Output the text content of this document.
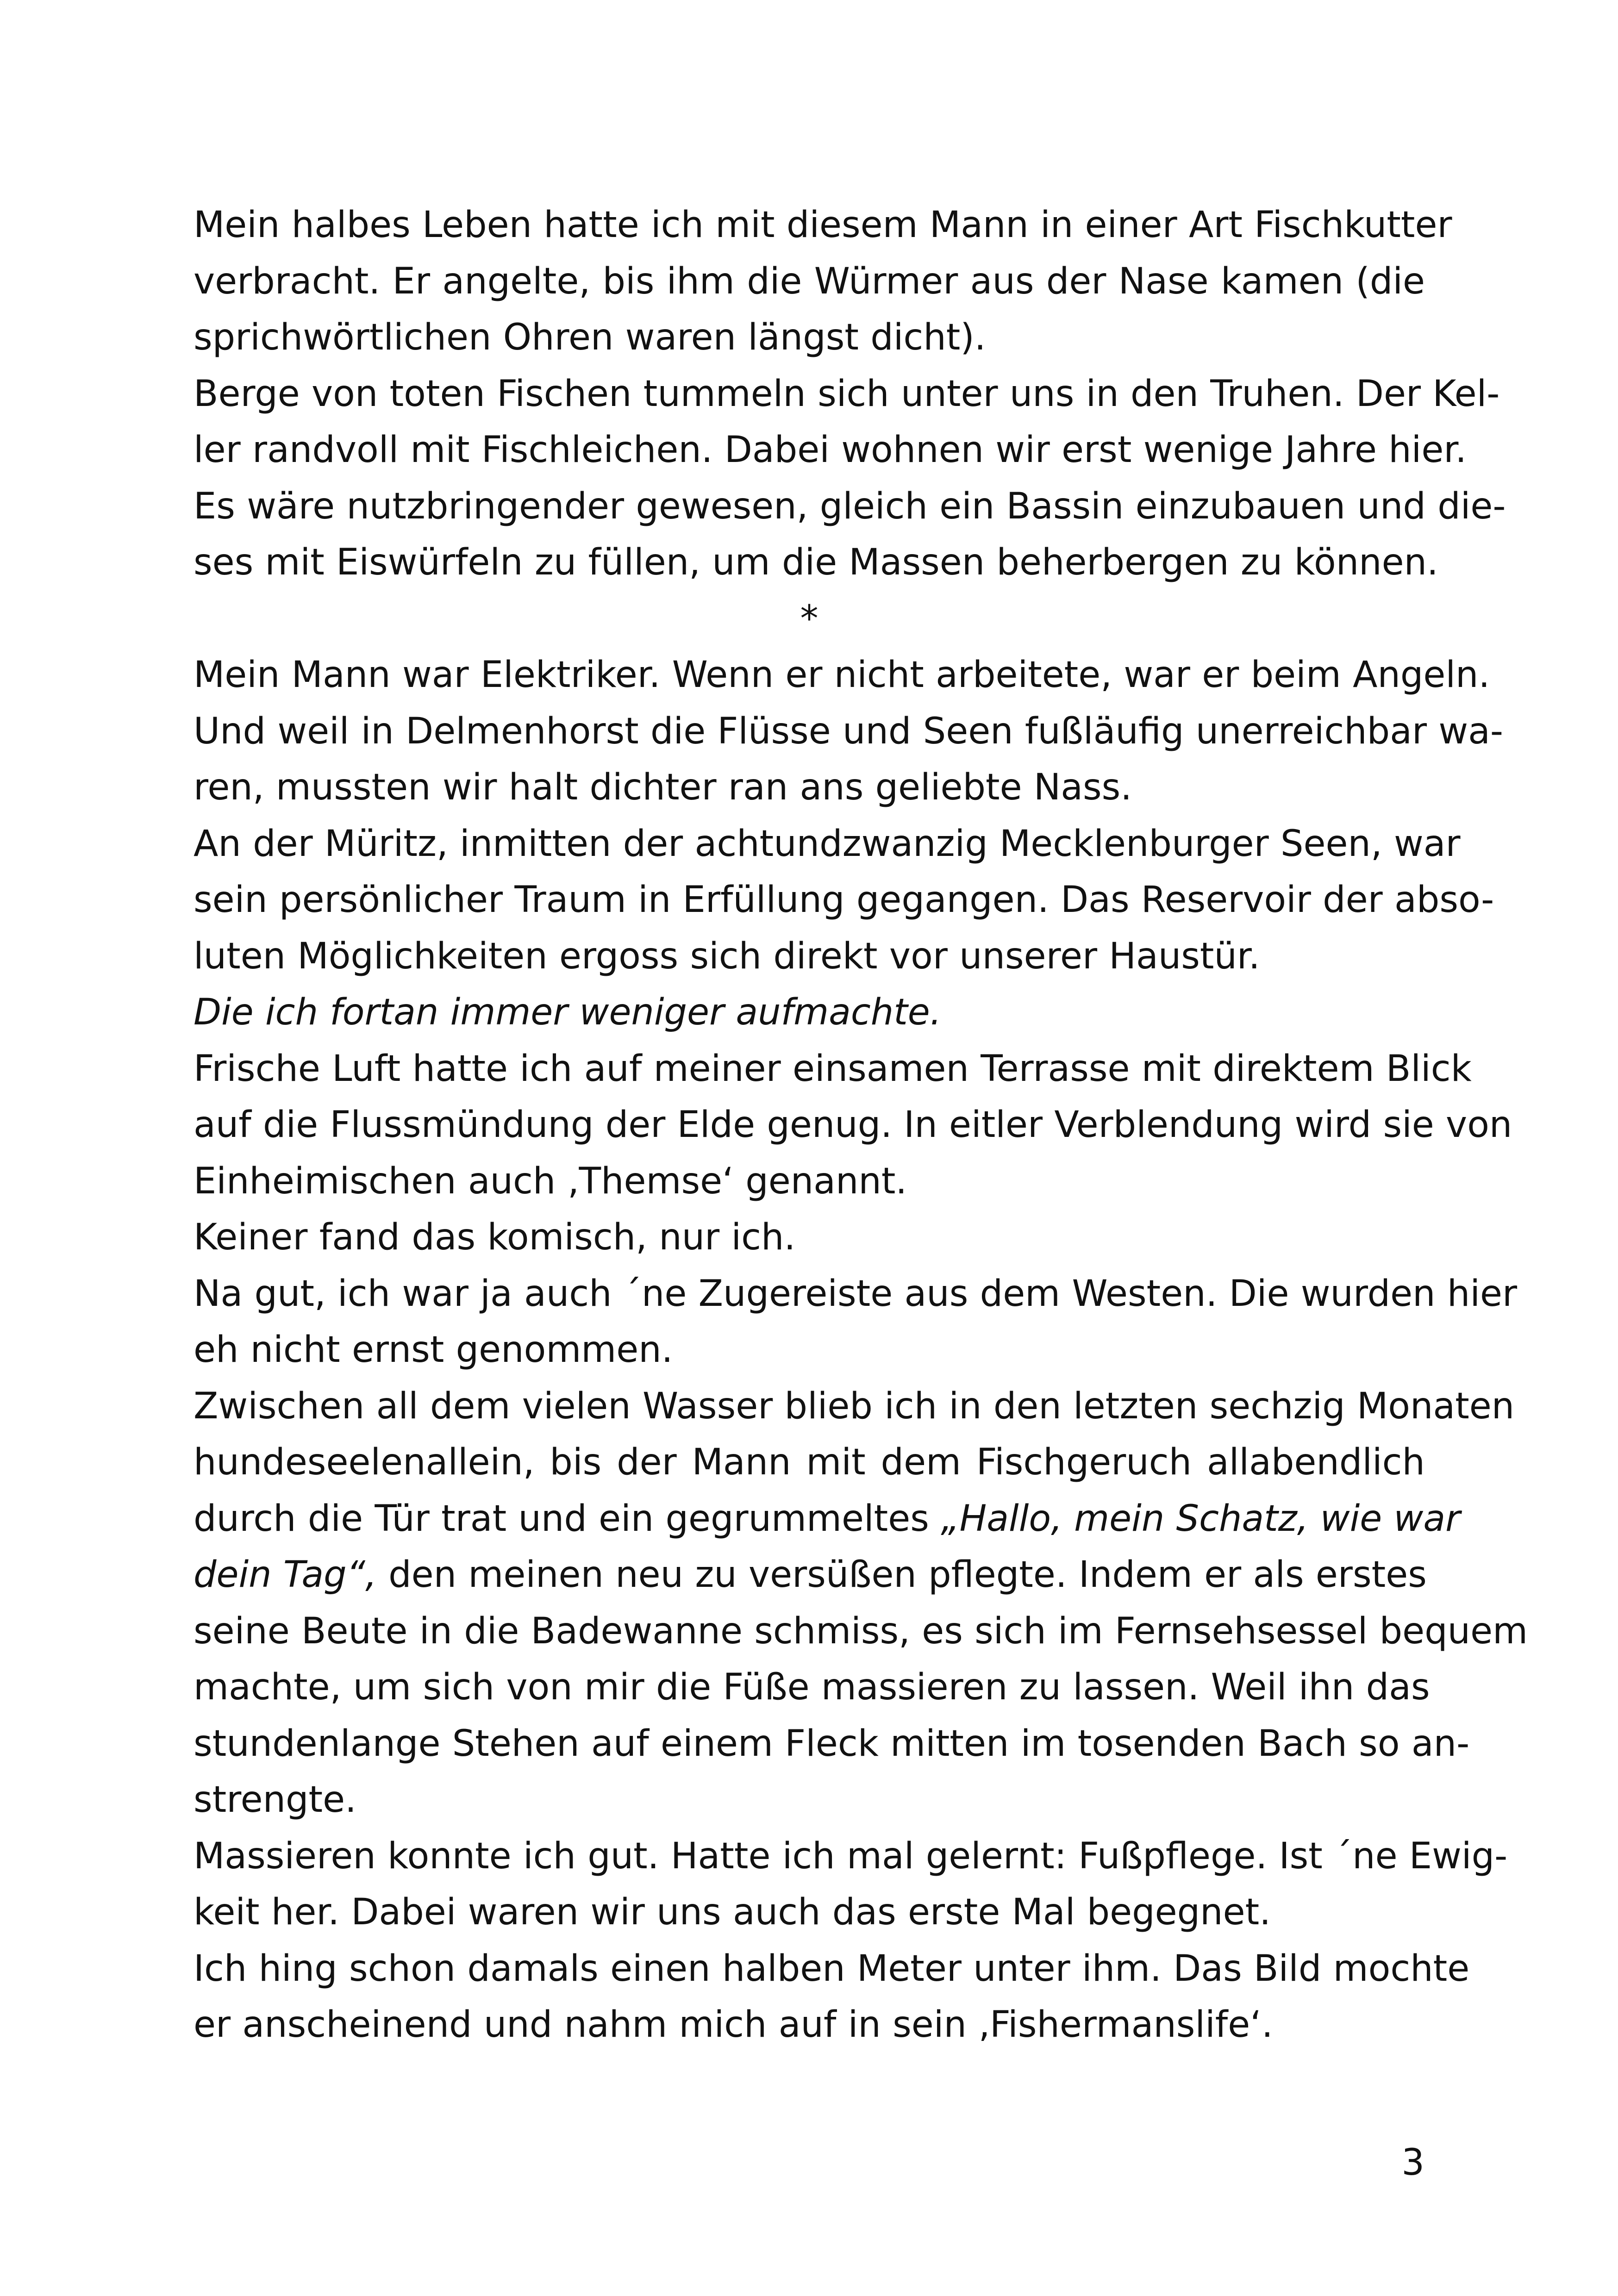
Mein halbes Leben hatte ich mit diesem Mann in einer Art Fischkutter
verbracht. Er angelte, bis ihm die Würmer aus der Nase kamen (die
sprichwörtlichen Ohren waren längst dicht).
Berge von toten Fischen tummeln sich unter uns in den Truhen. Der Kel-
ler randvoll mit Fischleichen. Dabei wohnen wir erst wenige Jahre hier.
Es wäre nutzbringender gewesen, gleich ein Bassin einzubauen und die-
ses mit Eiswürfeln zu füllen, um die Massen beherbergen zu können.
*
Mein Mann war Elektriker. Wenn er nicht arbeitete, war er beim Angeln.
Und weil in Delmenhorst die Flüsse und Seen fußläufig unerreichbar wa-
ren, mussten wir halt dichter ran ans geliebte Nass.
An der Müritz, inmitten der achtundzwanzig Mecklenburger Seen, war
sein persönlicher Traum in Erfüllung gegangen. Das Reservoir der abso-
luten Möglichkeiten ergoss sich direkt vor unserer Haustür.
Die ich fortan immer weniger aufmachte.
Frische Luft hatte ich auf meiner einsamen Terrasse mit direktem Blick
auf die Flussmündung der Elde genug. In eitler Verblendung wird sie von
Einheimischen auch ‚Themse‘ genannt.
Keiner fand das komisch, nur ich.
Na gut, ich war ja auch ´ne Zugereiste aus dem Westen. Die wurden hier
eh nicht ernst genommen.
Zwischen all dem vielen Wasser blieb ich in den letzten sechzig Monaten
hundeseelenallein, bis der Mann mit dem Fischgeruch allabendlich
durch die Tür trat und ein gegrummeltes „Hallo, mein Schatz, wie war
dein Tag“, den meinen neu zu versüßen pflegte. Indem er als erstes
seine Beute in die Badewanne schmiss, es sich im Fernsehsessel bequem
machte, um sich von mir die Füße massieren zu lassen. Weil ihn das
stundenlange Stehen auf einem Fleck mitten im tosenden Bach so an-
strengte.
Massieren konnte ich gut. Hatte ich mal gelernt: Fußpflege. Ist ´ne Ewig-
keit her. Dabei waren wir uns auch das erste Mal begegnet.
Ich hing schon damals einen halben Meter unter ihm. Das Bild mochte
er anscheinend und nahm mich auf in sein ‚Fishermanslife‘.
3
